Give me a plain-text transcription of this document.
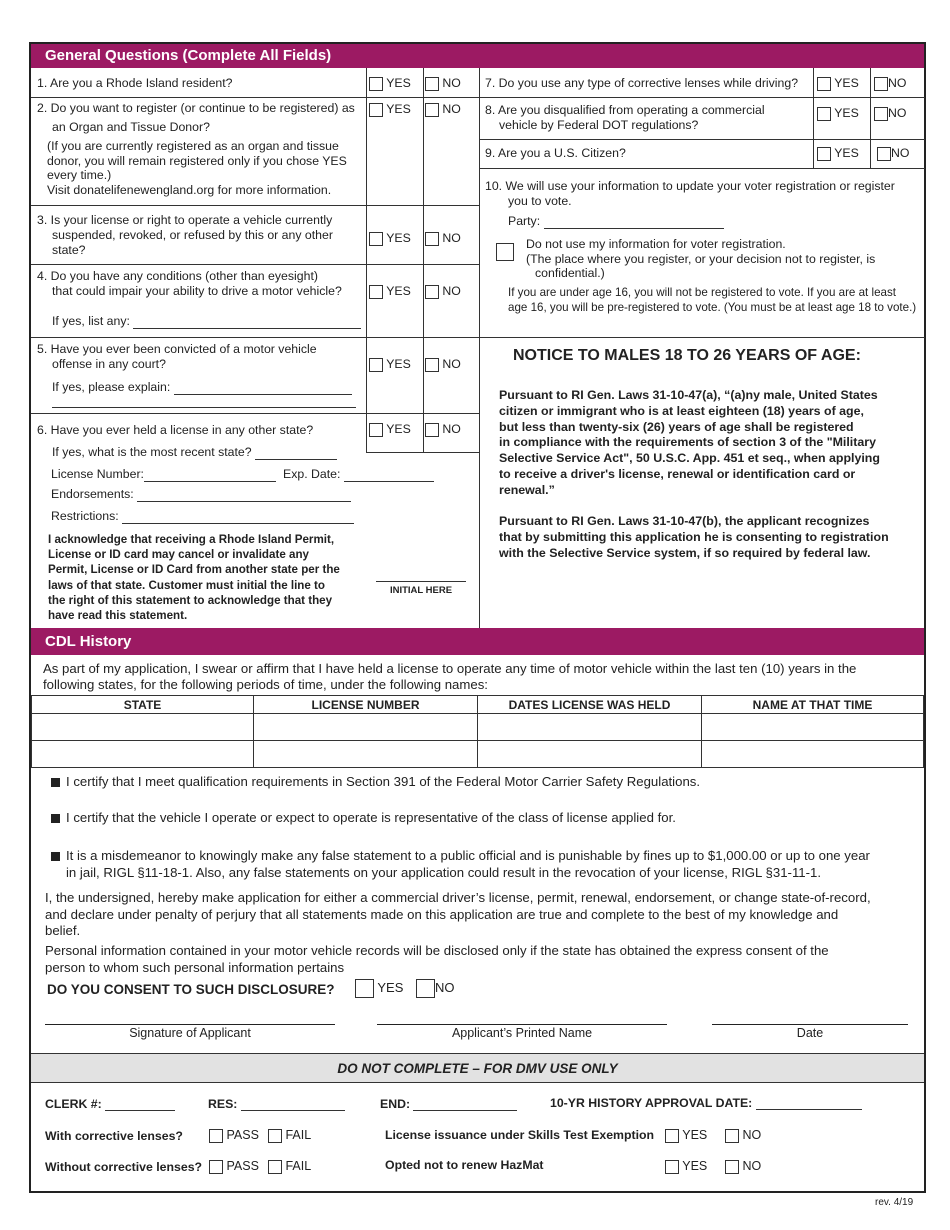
General Questions (Complete All Fields)
1. Are you a Rhode Island resident?	YES	NO
2. Do you want to register (or continue to be registered) as
an Organ and Tissue Donor?
(If you are currently registered as an organ and tissue
donor, you will remain registered only if you chose YES
every time.)
Visit donatelifenewengland.org for more information.
YES	NO
3. Is your license or right to operate a vehicle currently
suspended, revoked, or refused by this or any other
state?
YES	NO
4. Do you have any conditions (other than eyesight)
that could impair your ability to drive a motor vehicle?
If yes, list any:
YES	NO
5. Have you ever been convicted of a motor vehicle
offense in any court?
If yes, please explain:
YES	NO
6. Have you ever held a license in any other state?	YES	NO
If yes, what is the most recent state?
License Number:	Exp. Date:
Endorsements:
Restrictions:
I acknowledge that receiving a Rhode Island Permit,
License or ID card may cancel or invalidate any
Permit, License or ID Card from another state per the
laws of that state. Customer must initial the line to
the right of this statement to acknowledge that they
have read this statement.
INITIAL HERE
7. Do you use any type of corrective lenses while driving?	YES	NO
8. Are you disqualified from operating a commercial
vehicle by Federal DOT regulations?
YES	NO
9. Are you a U.S. Citizen?	YES	NO
10. We will use your information to update your voter registration or register
you to vote.
Party:
Do not use my information for voter registration.
(The place where you register, or your decision not to register, is
confidential.)
If you are under age 16, you will not be registered to vote. If you are at least
age 16, you will be pre-registered to vote. (You must be at least age 18 to vote.)
NOTICE TO MALES 18 TO 26 YEARS OF AGE:
Pursuant to RI Gen. Laws 31-10-47(a), “(a)ny male, United States
citizen or immigrant who is at least eighteen (18) years of age,
but less than twenty-six (26) years of age shall be registered
in compliance with the requirements of section 3 of the "Military
Selective Service Act", 50 U.S.C. App. 451 et seq., when applying
to receive a driver's license, renewal or identification card or
renewal.”
Pursuant to RI Gen. Laws 31-10-47(b), the applicant recognizes
that by submitting this application he is consenting to registration
with the Selective Service system, if so required by federal law.
CDL History
As part of my application, I swear or affirm that I have held a license to operate any time of motor vehicle within the last ten (10) years in the
following states, for the following periods of time, under the following names:
STATE	LICENSE NUMBER	DATES LICENSE WAS HELD	NAME AT THAT TIME

I certify that I meet qualification requirements in Section 391 of the Federal Motor Carrier Safety Regulations.
I certify that the vehicle I operate or expect to operate is representative of the class of license applied for.
It is a misdemeanor to knowingly make any false statement to a public official and is punishable by fines up to $1,000.00 or up to one year
in jail, RIGL §11-18-1. Also, any false statements on your application could result in the revocation of your license, RIGL §31-11-1.
I, the undersigned, hereby make application for either a commercial driver’s license, permit, renewal, endorsement, or change state-of-record,
and declare under penalty of perjury that all statements made on this application are true and complete to the best of my knowledge and
belief.
Personal information contained in your motor vehicle records will be disclosed only if the state has obtained the express consent of the
person to whom such personal information pertains
DO YOU CONSENT TO SUCH DISCLOSURE?	YES	NO
Signature of Applicant	Applicant’s Printed Name	Date
DO NOT COMPLETE – FOR DMV USE ONLY
CLERK #:	RES:	END:	10-YR HISTORY APPROVAL DATE:
With corrective lenses?	PASS	FAIL	License issuance under Skills Test Exemption	YES	NO
Without corrective lenses?	PASS	FAIL	Opted not to renew HazMat	YES	NO
rev. 4/19
